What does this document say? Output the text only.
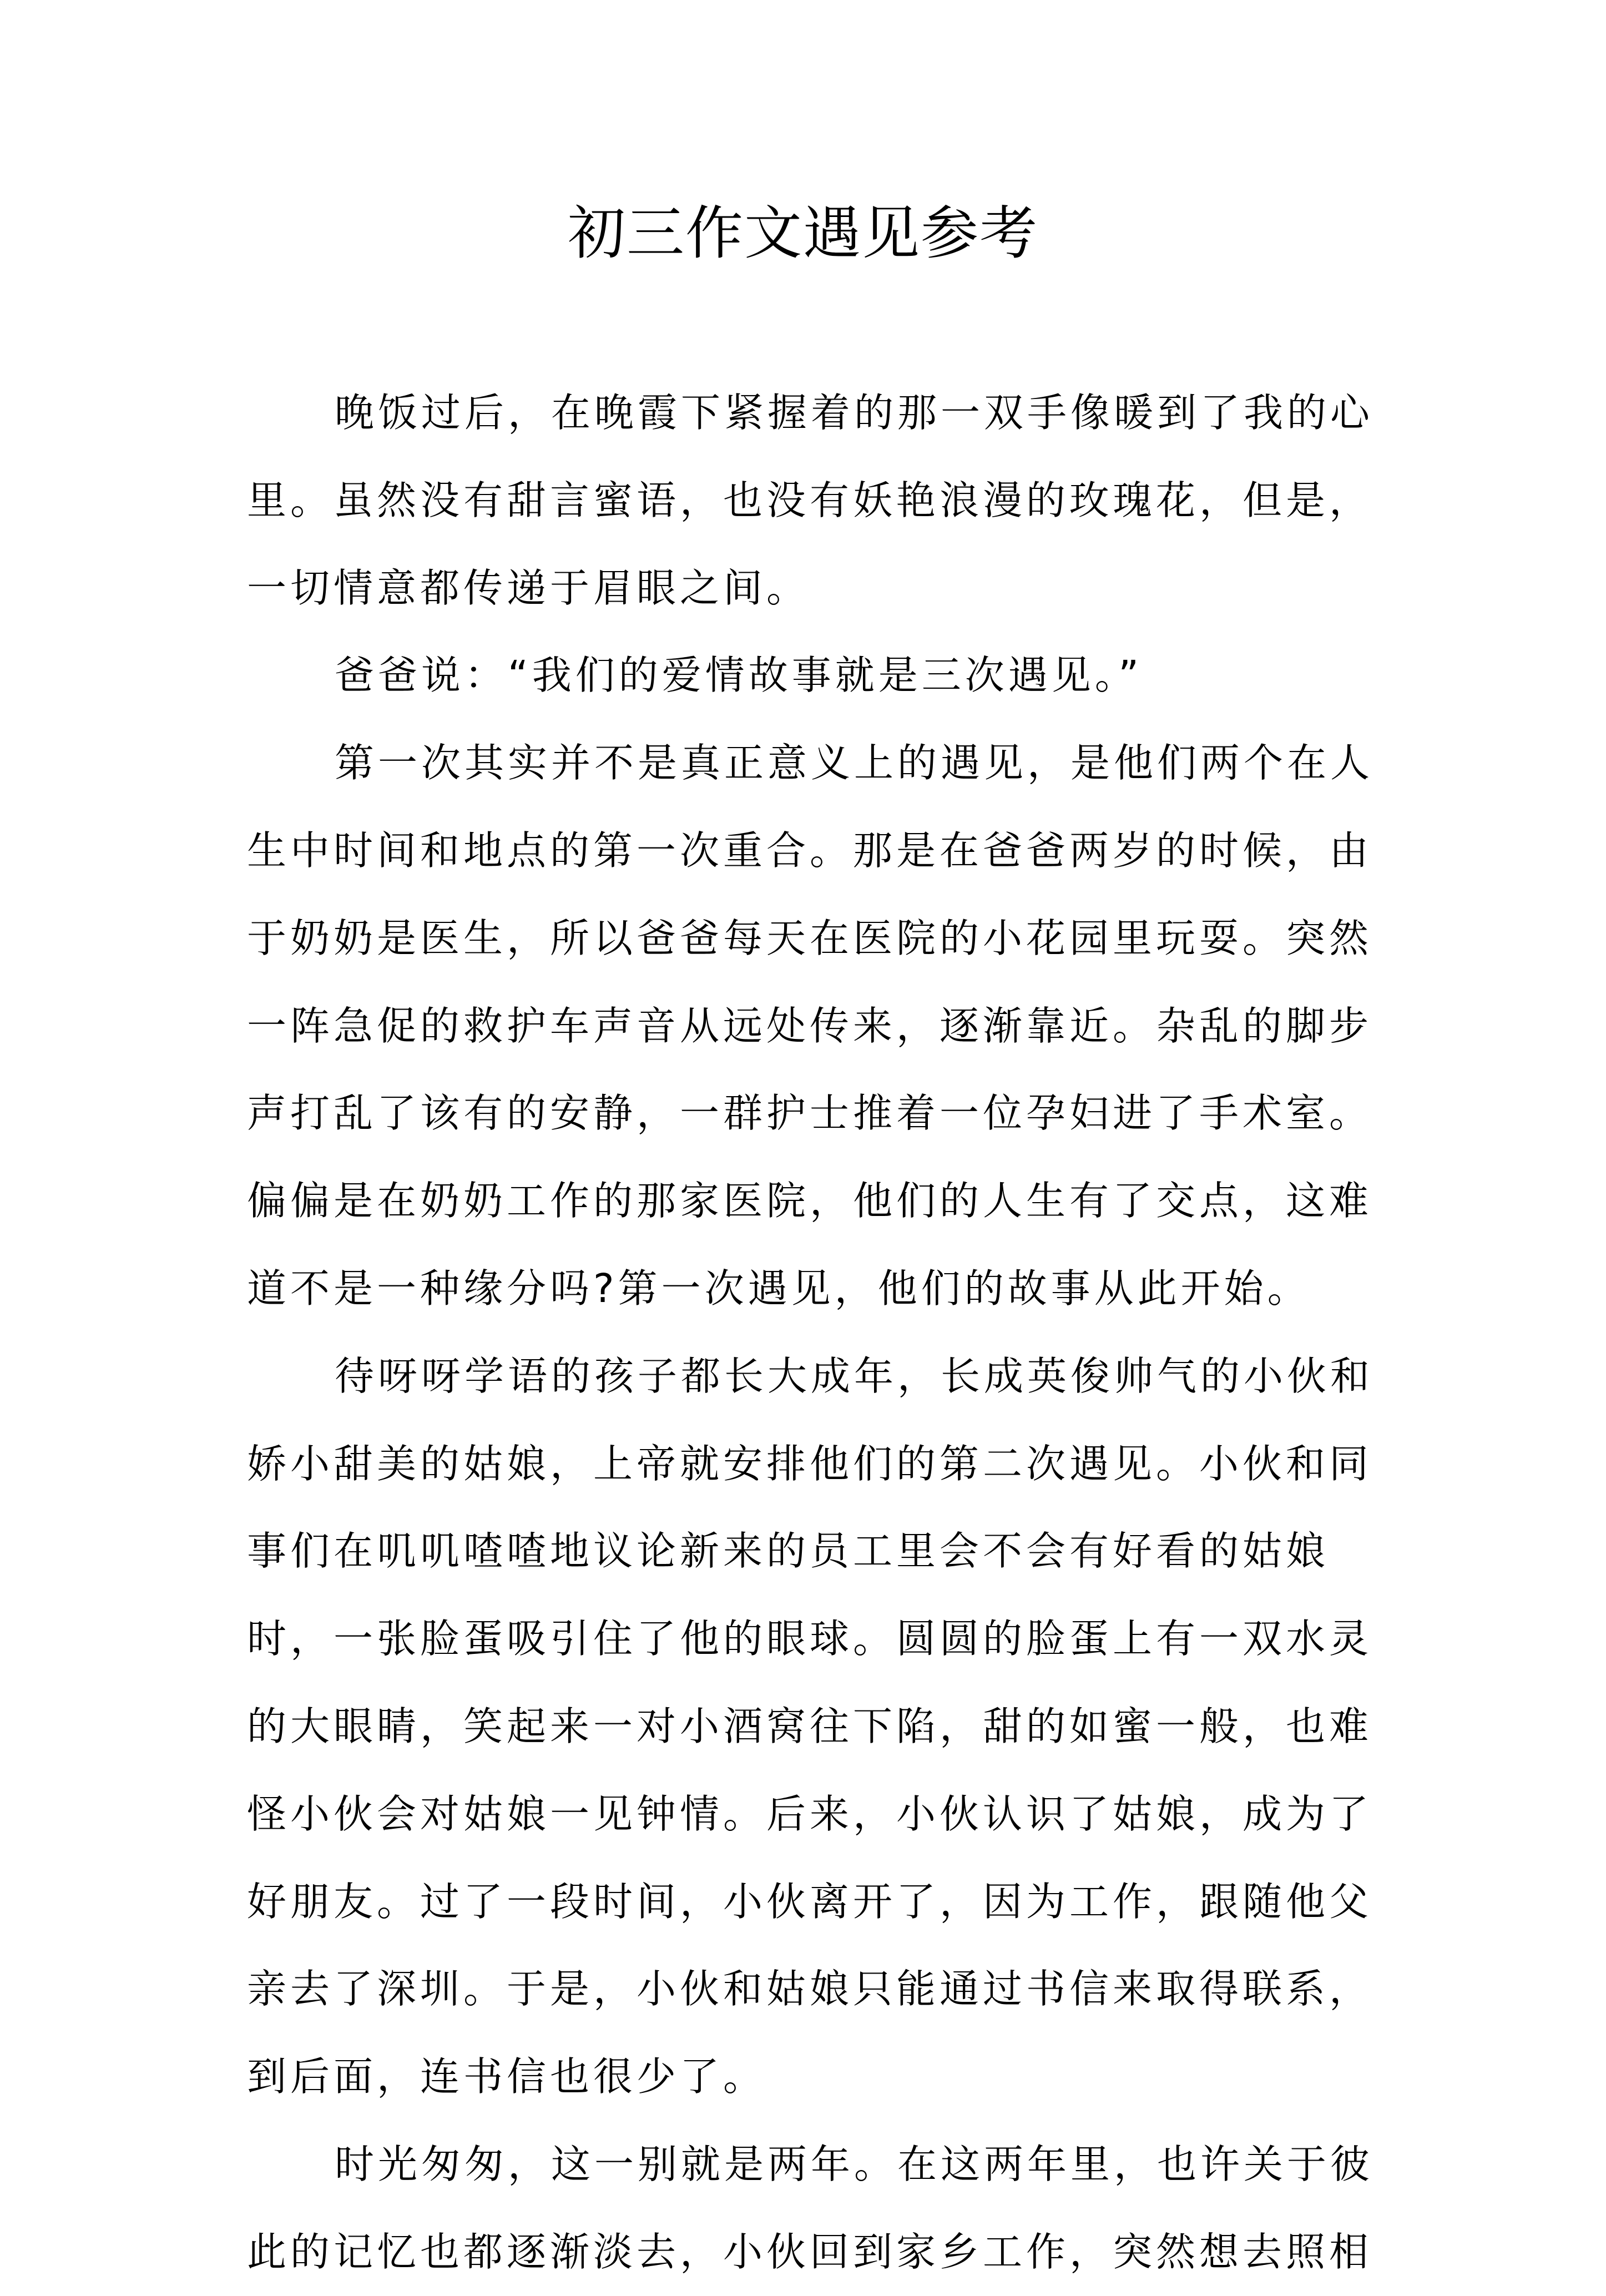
初三作文遇见参考
晚饭过后，在晚霞下紧握着的那一双手像暖到了我的心
里。虽然没有甜言蜜语，也没有妖艳浪漫的玫瑰花，但是，
一切情意都传递于眉眼之间。
爸爸说：“我们的爱情故事就是三次遇见。”
第一次其实并不是真正意义上的遇见，是他们两个在人
生中时间和地点的第一次重合。那是在爸爸两岁的时候，由
于奶奶是医生，所以爸爸每天在医院的小花园里玩耍。突然
一阵急促的救护车声音从远处传来，逐渐靠近。杂乱的脚步
声打乱了该有的安静，一群护士推着一位孕妇进了手术室。
偏偏是在奶奶工作的那家医院，他们的人生有了交点，这难
道不是一种缘分吗?第一次遇见，他们的故事从此开始。
待呀呀学语的孩子都长大成年，长成英俊帅气的小伙和
娇小甜美的姑娘，上帝就安排他们的第二次遇见。小伙和同
事们在叽叽喳喳地议论新来的员工里会不会有好看的姑娘
时，一张脸蛋吸引住了他的眼球。圆圆的脸蛋上有一双水灵
的大眼睛，笑起来一对小酒窝往下陷，甜的如蜜一般，也难
怪小伙会对姑娘一见钟情。后来，小伙认识了姑娘，成为了
好朋友。过了一段时间，小伙离开了，因为工作，跟随他父
亲去了深圳。于是，小伙和姑娘只能通过书信来取得联系，
到后面，连书信也很少了。
时光匆匆，这一别就是两年。在这两年里，也许关于彼
此的记忆也都逐渐淡去，小伙回到家乡工作，突然想去照相
